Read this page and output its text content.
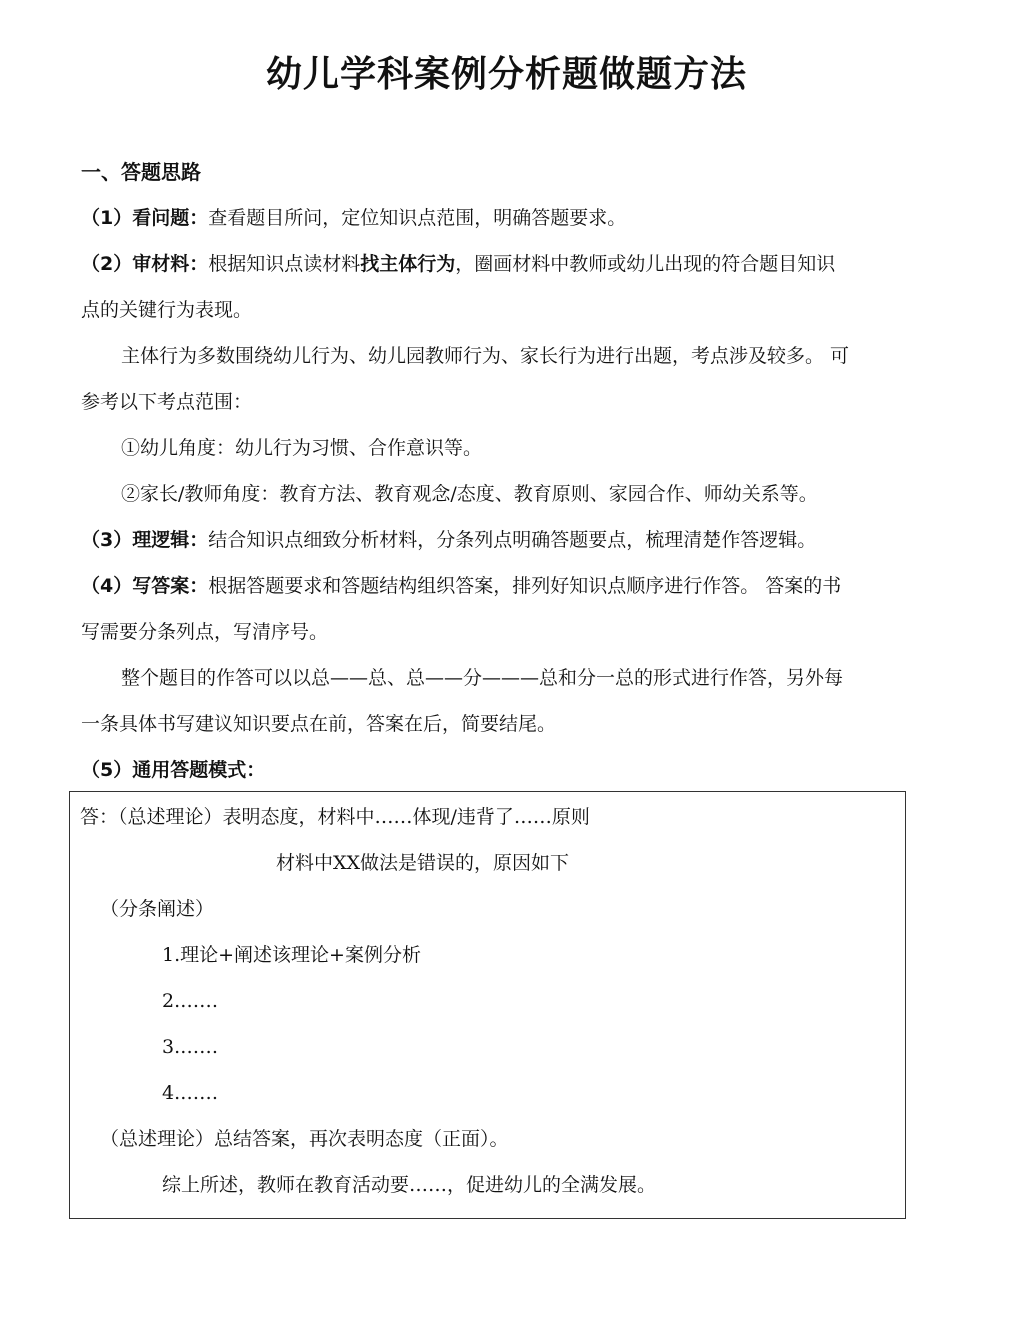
幼儿学科案例分析题做题方法
一、答题思路
（1）看问题：查看题目所问，定位知识点范围，明确答题要求。
（2）审材料：根据知识点读材料找主体行为，圈画材料中教师或幼儿出现的符合题目知识
点的关键行为表现。
主体行为多数围绕幼儿行为、幼儿园教师行为、家长行为进行出题，考点涉及较多。 可
参考以下考点范围：
①幼儿角度：幼儿行为习惯、合作意识等。
②家长/教师角度：教育方法、教育观念/态度、教育原则、家园合作、师幼关系等。
（3）理逻辑：结合知识点细致分析材料，分条列点明确答题要点，梳理清楚作答逻辑。
（4）写答案：根据答题要求和答题结构组织答案，排列好知识点顺序进行作答。 答案的书
写需要分条列点，写清序号。
整个题目的作答可以以总——总、总——分———总和分一总的形式进行作答，另外每
一条具体书写建议知识要点在前，答案在后，简要结尾。
（5）通用答题模式：
答：（总述理论）表明态度，材料中……体现/违背了……原则
材料中XX做法是错误的，原因如下
（分条阐述）
1.理论+阐述该理论+案例分析
2.……
3.……
4.……
（总述理论）总结答案，再次表明态度（正面）。
综上所述，教师在教育活动要……，促进幼儿的全满发展。
